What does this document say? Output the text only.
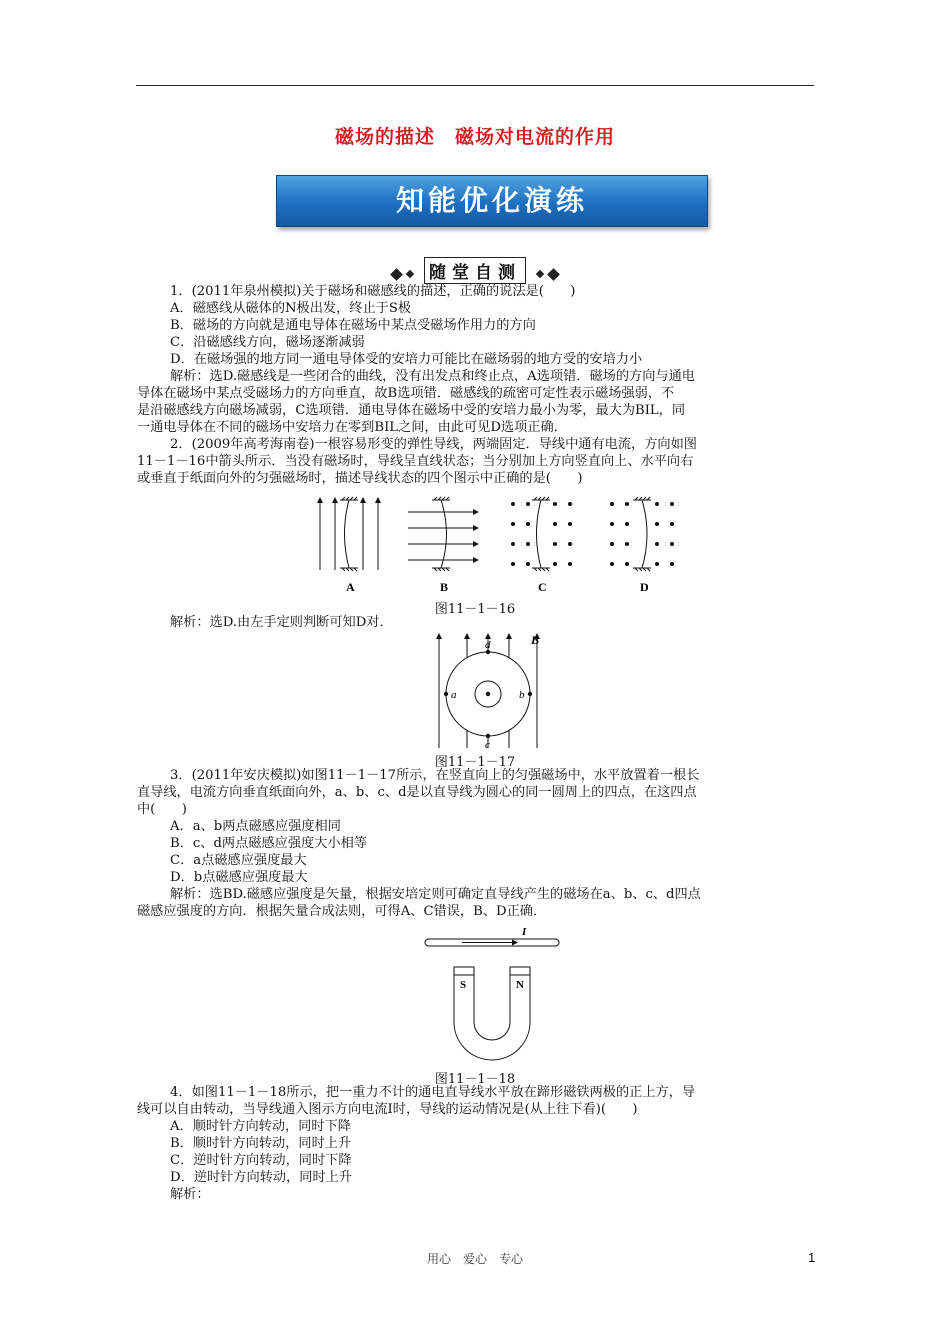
磁场的描述　磁场对电流的作用
知能优化演练
随堂自测
1．(2011年泉州模拟)关于磁场和磁感线的描述，正确的说法是(　　)
A．磁感线从磁体的N极出发，终止于S极
B．磁场的方向就是通电导体在磁场中某点受磁场作用力的方向
C．沿磁感线方向，磁场逐渐减弱
D．在磁场强的地方同一通电导体受的安培力可能比在磁场弱的地方受的安培力小
解析：选D.磁感线是一些闭合的曲线，没有出发点和终止点，A选项错．磁场的方向与通电
导体在磁场中某点受磁场力的方向垂直，故B选项错．磁感线的疏密可定性表示磁场强弱，不
是沿磁感线方向磁场减弱，C选项错．通电导体在磁场中受的安培力最小为零，最大为BIL，同
一通电导体在不同的磁场中安培力在零到BIL之间，由此可见D选项正确．
2．(2009年高考海南卷)一根容易形变的弹性导线，两端固定．导线中通有电流，方向如图
11－1－16中箭头所示．当没有磁场时，导线呈直线状态；当分别加上方向竖直向上、水平向右
或垂直于纸面向外的匀强磁场时，描述导线状态的四个图示中正确的是(　　)
A	B	C	D
图11－1－16
解析：选D.由左手定则判断可知D对．
B
a	b
c
d
图11－1－17
3．(2011年安庆模拟)如图11－1－17所示，在竖直向上的匀强磁场中，水平放置着一根长
直导线，电流方向垂直纸面向外，a、b、c、d是以直导线为圆心的同一圆周上的四点，在这四点
中(　　)
A．a、b两点磁感应强度相同
B．c、d两点磁感应强度大小相等
C．a点磁感应强度最大
D．b点磁感应强度最大
解析：选BD.磁感应强度是矢量，根据安培定则可确定直导线产生的磁场在a、b、c、d四点
磁感应强度的方向．根据矢量合成法则，可得A、C错误，B、D正确．
I
S	N
图11－1－18
4．如图11－1－18所示，把一重力不计的通电直导线水平放在蹄形磁铁两极的正上方，导
线可以自由转动，当导线通入图示方向电流I时，导线的运动情况是(从上往下看)(　　)
A．顺时针方向转动，同时下降
B．顺时针方向转动，同时上升
C．逆时针方向转动，同时下降
D．逆时针方向转动，同时上升
解析：
用心　爱心　专心	1
